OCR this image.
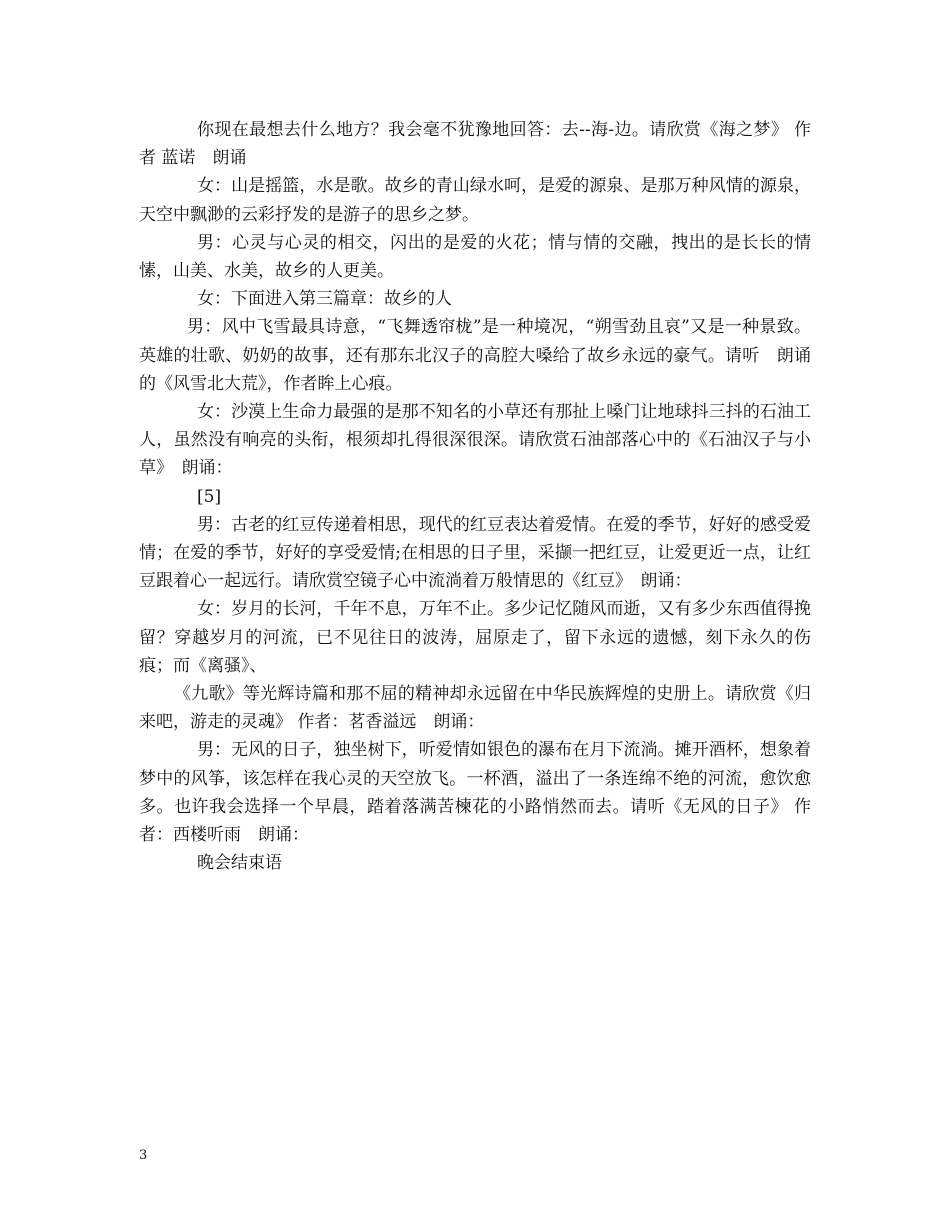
你现在最想去什么地方？我会毫不犹豫地回答：去--海-边。请欣赏《海之梦》 作者 蓝诺　朗诵

女：山是摇篮，水是歌。故乡的青山绿水呵，是爱的源泉、是那万种风情的源泉，天空中飘渺的云彩抒发的是游子的思乡之梦。

男：心灵与心灵的相交，闪出的是爱的火花；情与情的交融，拽出的是长长的情愫，山美、水美，故乡的人更美。

女：下面进入第三篇章：故乡的人

男：风中飞雪最具诗意，“飞舞透帘栊”是一种境况，“朔雪劲且哀”又是一种景致。英雄的壮歌、奶奶的故事，还有那东北汉子的高腔大嗓给了故乡永远的豪气。请听　朗诵的《风雪北大荒》，作者眸上心痕。

女：沙漠上生命力最强的是那不知名的小草还有那扯上嗓门让地球抖三抖的石油工人，虽然没有响亮的头衔，根须却扎得很深很深。请欣赏石油部落心中的《石油汉子与小草》　朗诵：

[5]

男：古老的红豆传递着相思，现代的红豆表达着爱情。在爱的季节，好好的感受爱情；在爱的季节，好好的享受爱情;在相思的日子里，采撷一把红豆，让爱更近一点，让红豆跟着心一起远行。请欣赏空镜子心中流淌着万般情思的《红豆》　朗诵：

女：岁月的长河，千年不息，万年不止。多少记忆随风而逝，又有多少东西值得挽留？穿越岁月的河流，已不见往日的波涛，屈原走了，留下永远的遗憾，刻下永久的伤痕；而《离骚》、

《九歌》等光辉诗篇和那不屈的精神却永远留在中华民族辉煌的史册上。请欣赏《归来吧，游走的灵魂》 作者：茗香溢远　朗诵：

男：无风的日子，独坐树下，听爱情如银色的瀑布在月下流淌。摊开酒杯，想象着梦中的风筝，该怎样在我心灵的天空放飞。一杯酒，溢出了一条连绵不绝的河流，愈饮愈多。也许我会选择一个早晨，踏着落满苦楝花的小路悄然而去。请听《无风的日子》 作者：西楼听雨　朗诵：

晚会结束语

3
